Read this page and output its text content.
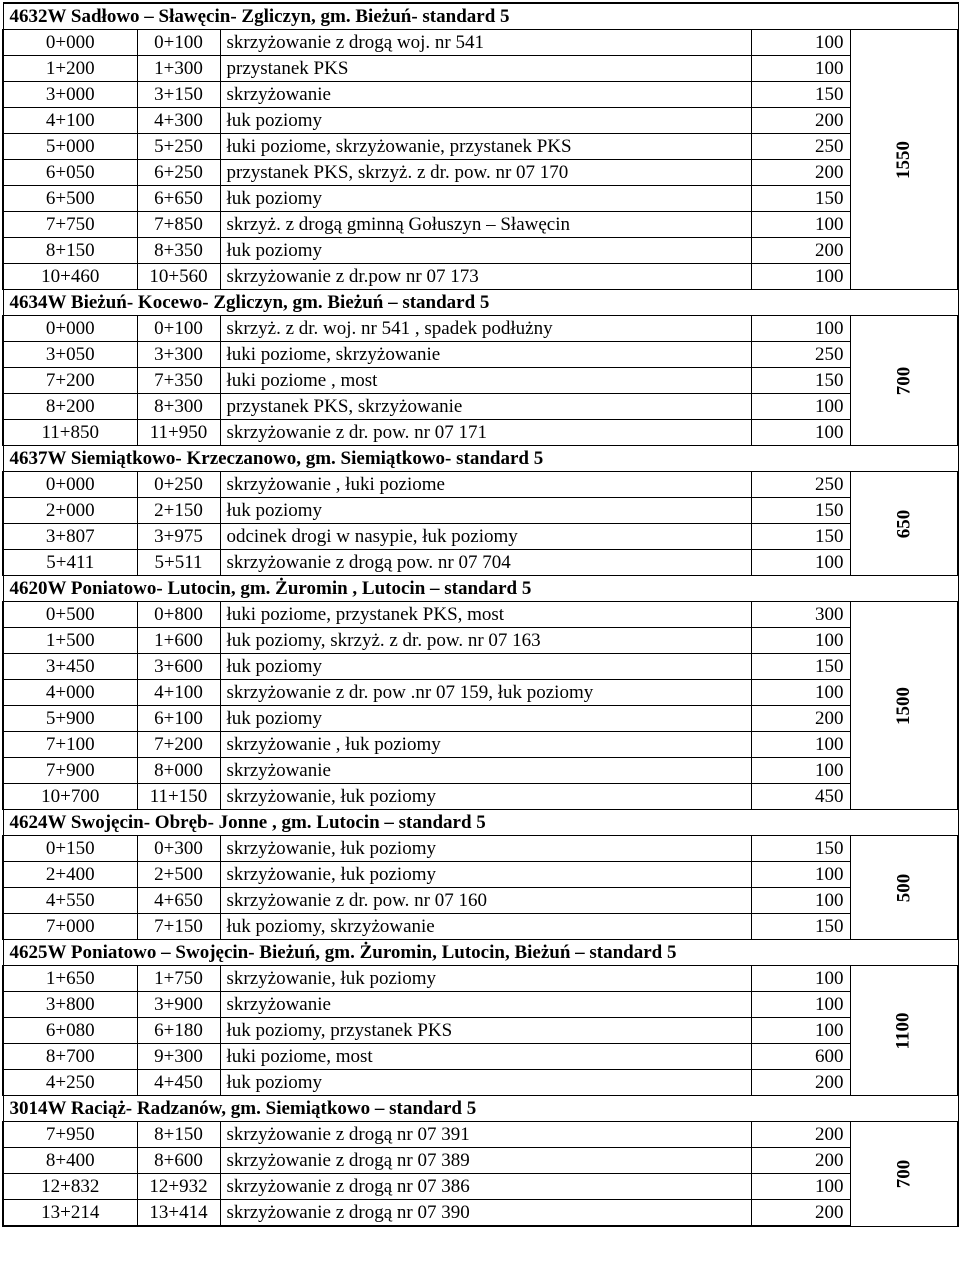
4632W Sadłowo – Sławęcin- Zgliczyn, gm. Bieżuń- standard 5				
0+000	0+100	skrzyżowanie z drogą woj. nr 541	100	1550
1+200	1+300	przystanek PKS	100	
3+000	3+150	skrzyżowanie	150	
4+100	4+300	łuk poziomy	200	
5+000	5+250	łuki poziome, skrzyżowanie, przystanek PKS	250	
6+050	6+250	przystanek PKS, skrzyż. z dr. pow. nr 07 170	200	
6+500	6+650	łuk poziomy	150	
7+750	7+850	skrzyż. z drogą gminną Gołuszyn – Sławęcin	100	
8+150	8+350	łuk poziomy	200	
10+460	10+560	skrzyżowanie z dr.pow nr 07 173	100	
4634W Bieżuń- Kocewo- Zgliczyn, gm. Bieżuń – standard 5				
0+000	0+100	skrzyż. z dr. woj. nr 541 , spadek podłużny	100	700
3+050	3+300	łuki poziome, skrzyżowanie	250	
7+200	7+350	łuki poziome , most	150	
8+200	8+300	przystanek PKS, skrzyżowanie	100	
11+850	11+950	skrzyżowanie z dr. pow. nr 07 171	100	
4637W Siemiątkowo- Krzeczanowo, gm. Siemiątkowo- standard 5				
0+000	0+250	skrzyżowanie , łuki poziome	250	650
2+000	2+150	łuk poziomy	150	
3+807	3+975	odcinek drogi w nasypie, łuk poziomy	150	
5+411	5+511	skrzyżowanie z drogą pow. nr 07 704	100	
4620W Poniatowo- Lutocin, gm. Żuromin , Lutocin – standard 5				
0+500	0+800	łuki poziome, przystanek PKS, most	300	1500
1+500	1+600	łuk poziomy, skrzyż. z dr. pow. nr 07 163	100	
3+450	3+600	łuk poziomy	150	
4+000	4+100	skrzyżowanie z dr. pow .nr 07 159, łuk poziomy	100	
5+900	6+100	łuk poziomy	200	
7+100	7+200	skrzyżowanie , łuk poziomy	100	
7+900	8+000	skrzyżowanie	100	
10+700	11+150	skrzyżowanie, łuk poziomy	450	
4624W Swojęcin- Obręb- Jonne , gm. Lutocin – standard 5				
0+150	0+300	skrzyżowanie, łuk poziomy	150	500
2+400	2+500	skrzyżowanie, łuk poziomy	100	
4+550	4+650	skrzyżowanie z dr. pow. nr 07 160	100	
7+000	7+150	łuk poziomy, skrzyżowanie	150	
4625W Poniatowo – Swojęcin- Bieżuń, gm. Żuromin, Lutocin, Bieżuń – standard 5				
1+650	1+750	skrzyżowanie, łuk poziomy	100	1100
3+800	3+900	skrzyżowanie	100	
6+080	6+180	łuk poziomy, przystanek PKS	100	
8+700	9+300	łuki poziome, most	600	
4+250	4+450	łuk poziomy	200	
3014W Raciąż- Radzanów, gm. Siemiątkowo – standard 5				
7+950	8+150	skrzyżowanie z drogą nr 07 391	200	700
8+400	8+600	skrzyżowanie z drogą nr 07 389	200	
12+832	12+932	skrzyżowanie z drogą nr 07 386	100	
13+214	13+414	skrzyżowanie z drogą nr 07 390	200	
